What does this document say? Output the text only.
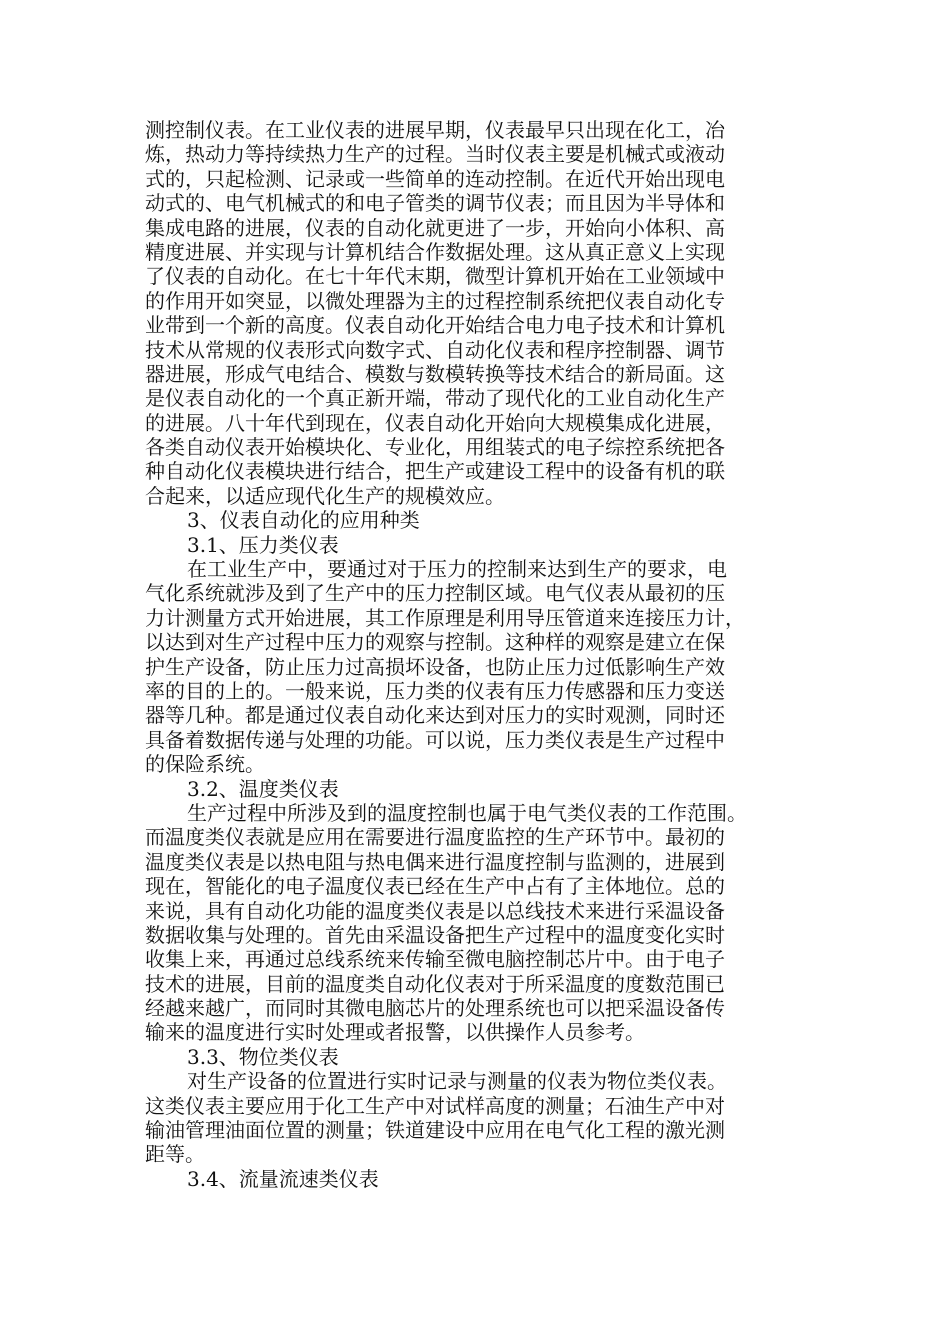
测控制仪表。在工业仪表的进展早期，仪表最早只出现在化工，冶
炼，热动力等持续热力生产的过程。当时仪表主要是机械式或液动
式的，只起检测、记录或一些简单的连动控制。在近代开始出现电
动式的、电气机械式的和电子管类的调节仪表；而且因为半导体和
集成电路的进展，仪表的自动化就更进了一步，开始向小体积、高
精度进展、并实现与计算机结合作数据处理。这从真正意义上实现
了仪表的自动化。在七十年代末期，微型计算机开始在工业领域中
的作用开如突显，以微处理器为主的过程控制系统把仪表自动化专
业带到一个新的高度。仪表自动化开始结合电力电子技术和计算机
技术从常规的仪表形式向数字式、自动化仪表和程序控制器、调节
器进展，形成气电结合、模数与数模转换等技术结合的新局面。这
是仪表自动化的一个真正新开端，带动了现代化的工业自动化生产
的进展。八十年代到现在，仪表自动化开始向大规模集成化进展，
各类自动仪表开始模块化、专业化，用组装式的电子综控系统把各
种自动化仪表模块进行结合，把生产或建设工程中的设备有机的联
合起来，以适应现代化生产的规模效应。
3、仪表自动化的应用种类
3.1、压力类仪表
在工业生产中，要通过对于压力的控制来达到生产的要求，电
气化系统就涉及到了生产中的压力控制区域。电气仪表从最初的压
力计测量方式开始进展，其工作原理是利用导压管道来连接压力计，
以达到对生产过程中压力的观察与控制。这种样的观察是建立在保
护生产设备，防止压力过高损坏设备，也防止压力过低影响生产效
率的目的上的。一般来说，压力类的仪表有压力传感器和压力变送
器等几种。都是通过仪表自动化来达到对压力的实时观测，同时还
具备着数据传递与处理的功能。可以说，压力类仪表是生产过程中
的保险系统。
3.2、温度类仪表
生产过程中所涉及到的温度控制也属于电气类仪表的工作范围。
而温度类仪表就是应用在需要进行温度监控的生产环节中。最初的
温度类仪表是以热电阻与热电偶来进行温度控制与监测的，进展到
现在，智能化的电子温度仪表已经在生产中占有了主体地位。总的
来说，具有自动化功能的温度类仪表是以总线技术来进行采温设备
数据收集与处理的。首先由采温设备把生产过程中的温度变化实时
收集上来，再通过总线系统来传输至微电脑控制芯片中。由于电子
技术的进展，目前的温度类自动化仪表对于所采温度的度数范围已
经越来越广，而同时其微电脑芯片的处理系统也可以把采温设备传
输来的温度进行实时处理或者报警，以供操作人员参考。
3.3、物位类仪表
对生产设备的位置进行实时记录与测量的仪表为物位类仪表。
这类仪表主要应用于化工生产中对试样高度的测量；石油生产中对
输油管理油面位置的测量；铁道建设中应用在电气化工程的激光测
距等。
3.4、流量流速类仪表
